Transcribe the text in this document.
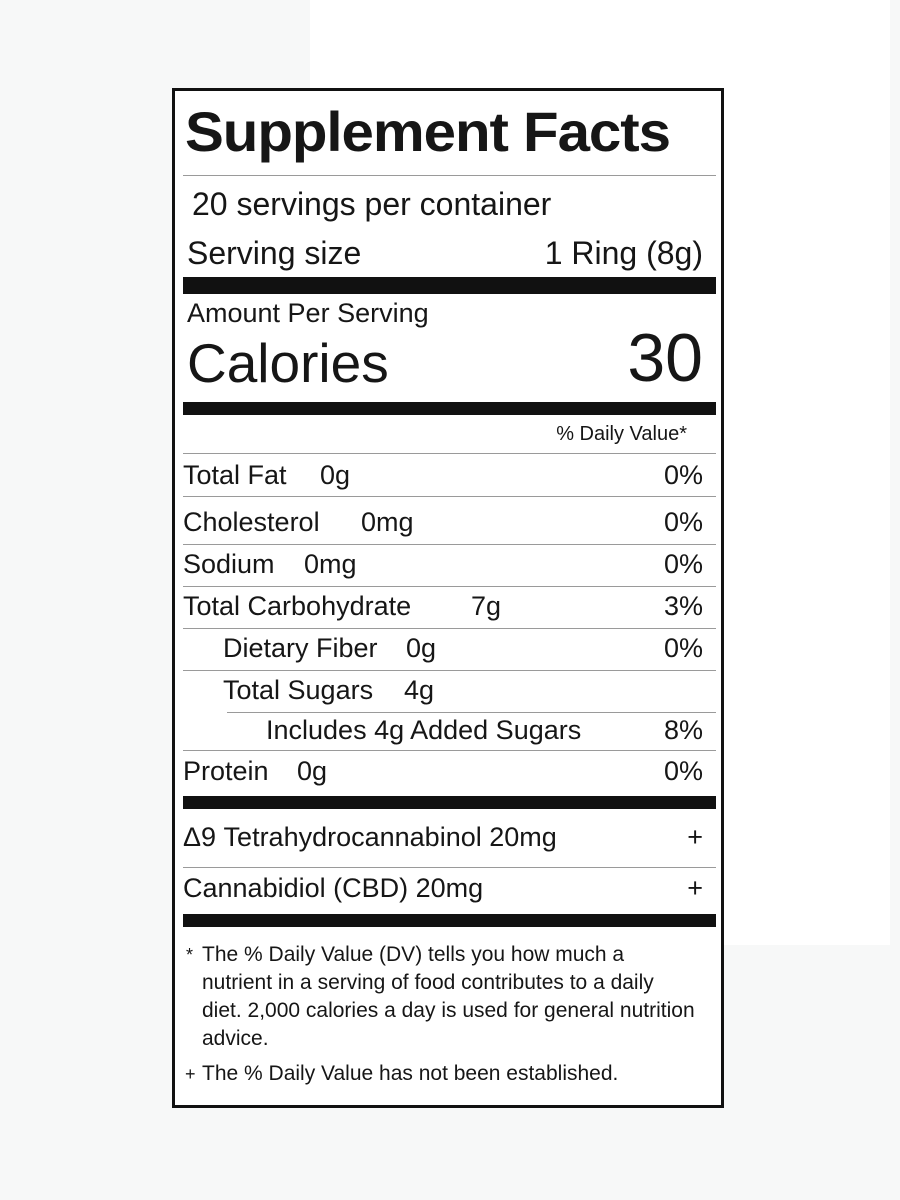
Supplement Facts
20 servings per container
Serving size	1 Ring (8g)
Amount Per Serving
Calories	30
% Daily Value*
Total Fat 0g	0%
Cholesterol 0mg	0%
Sodium 0mg	0%
Total Carbohydrate 7g	3%
Dietary Fiber 0g	0%
Total Sugars 4g
Includes 4g Added Sugars	8%
Protein 0g	0%
Δ9 Tetrahydrocannabinol 20mg	+
Cannabidiol (CBD) 20mg	+
* The % Daily Value (DV) tells you how much a
nutrient in a serving of food contributes to a daily
diet. 2,000 calories a day is used for general nutrition
advice.
+ The % Daily Value has not been established.
